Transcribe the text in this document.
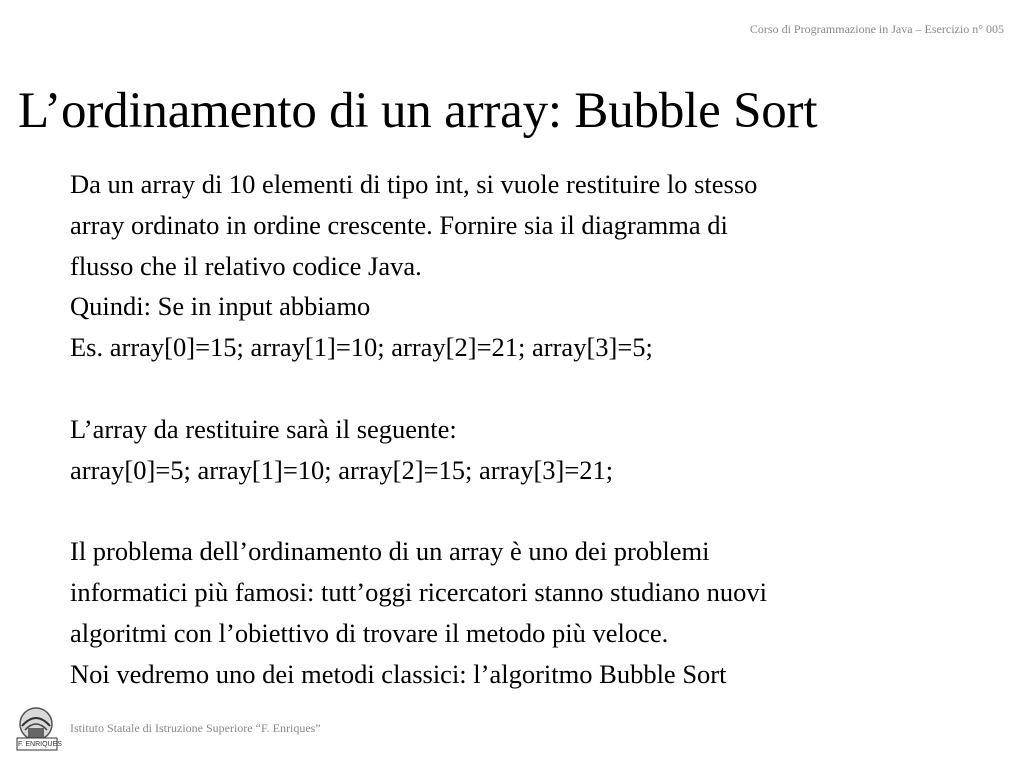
Corso di Programmazione in Java – Esercizio n° 005
L’ordinamento di un array: Bubble Sort
Da un array di 10 elementi di tipo int, si vuole restituire lo stesso
array ordinato in ordine crescente. Fornire sia il diagramma di
flusso che il relativo codice Java.
Quindi: Se in input abbiamo
Es. array[0]=15; array[1]=10; array[2]=21; array[3]=5;
L’array da restituire sarà il seguente:
array[0]=5; array[1]=10; array[2]=15; array[3]=21;
Il problema dell’ordinamento di un array è uno dei problemi
informatici più famosi: tutt’oggi ricercatori stanno studiano nuovi
algoritmi con l’obiettivo di trovare il metodo più veloce.
Noi vedremo uno dei metodi classici: l’algoritmo Bubble Sort
F. ENRIQUES
Istituto Statale di Istruzione Superiore “F. Enriques”
